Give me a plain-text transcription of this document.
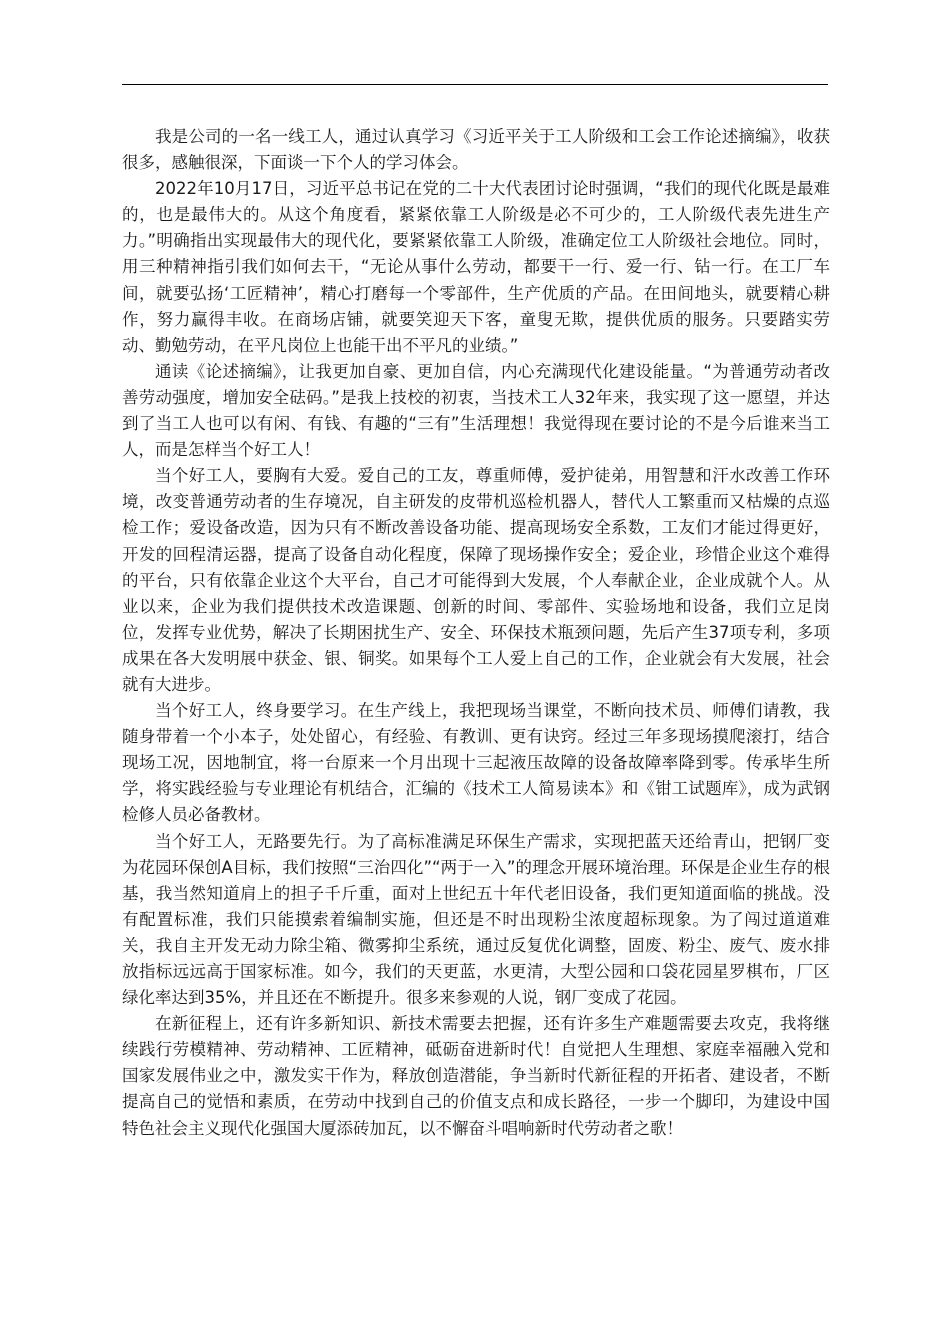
我是公司的一名一线工人，通过认真学习《习近平关于工人阶级和工会工作论述摘编》，收获很多，感触很深，下面谈一下个人的学习体会。

2022年10月17日，习近平总书记在党的二十大代表团讨论时强调，“我们的现代化既是最难的，也是最伟大的。从这个角度看，紧紧依靠工人阶级是必不可少的，工人阶级代表先进生产力。”明确指出实现最伟大的现代化，要紧紧依靠工人阶级，准确定位工人阶级社会地位。同时，用三种精神指引我们如何去干，“无论从事什么劳动，都要干一行、爱一行、钻一行。在工厂车间，就要弘扬‘工匠精神’，精心打磨每一个零部件，生产优质的产品。在田间地头，就要精心耕作，努力赢得丰收。在商场店铺，就要笑迎天下客，童叟无欺，提供优质的服务。只要踏实劳动、勤勉劳动，在平凡岗位上也能干出不平凡的业绩。”

通读《论述摘编》，让我更加自豪、更加自信，内心充满现代化建设能量。“为普通劳动者改善劳动强度，增加安全砝码。”是我上技校的初衷，当技术工人32年来，我实现了这一愿望，并达到了当工人也可以有闲、有钱、有趣的“三有”生活理想！我觉得现在要讨论的不是今后谁来当工人，而是怎样当个好工人！

当个好工人，要胸有大爱。爱自己的工友，尊重师傅，爱护徒弟，用智慧和汗水改善工作环境，改变普通劳动者的生存境况，自主研发的皮带机巡检机器人，替代人工繁重而又枯燥的点巡检工作；爱设备改造，因为只有不断改善设备功能、提高现场安全系数，工友们才能过得更好，开发的回程清运器，提高了设备自动化程度，保障了现场操作安全；爱企业，珍惜企业这个难得的平台，只有依靠企业这个大平台，自己才可能得到大发展，个人奉献企业，企业成就个人。从业以来，企业为我们提供技术改造课题、创新的时间、零部件、实验场地和设备，我们立足岗位，发挥专业优势，解决了长期困扰生产、安全、环保技术瓶颈问题，先后产生37项专利，多项成果在各大发明展中获金、银、铜奖。如果每个工人爱上自己的工作，企业就会有大发展，社会就有大进步。

当个好工人，终身要学习。在生产线上，我把现场当课堂，不断向技术员、师傅们请教，我随身带着一个小本子，处处留心，有经验、有教训、更有诀窍。经过三年多现场摸爬滚打，结合现场工况，因地制宜，将一台原来一个月出现十三起液压故障的设备故障率降到零。传承毕生所学，将实践经验与专业理论有机结合，汇编的《技术工人简易读本》和《钳工试题库》，成为武钢检修人员必备教材。

当个好工人，无路要先行。为了高标准满足环保生产需求，实现把蓝天还给青山，把钢厂变为花园环保创A目标，我们按照“三治四化”“两于一入”的理念开展环境治理。环保是企业生存的根基，我当然知道肩上的担子千斤重，面对上世纪五十年代老旧设备，我们更知道面临的挑战。没有配置标准，我们只能摸索着编制实施，但还是不时出现粉尘浓度超标现象。为了闯过道道难关，我自主开发无动力除尘箱、微雾抑尘系统，通过反复优化调整，固废、粉尘、废气、废水排放指标远远高于国家标准。如今，我们的天更蓝，水更清，大型公园和口袋花园星罗棋布，厂区绿化率达到35%，并且还在不断提升。很多来参观的人说，钢厂变成了花园。

在新征程上，还有许多新知识、新技术需要去把握，还有许多生产难题需要去攻克，我将继续践行劳模精神、劳动精神、工匠精神，砥砺奋进新时代！自觉把人生理想、家庭幸福融入党和国家发展伟业之中，激发实干作为，释放创造潜能，争当新时代新征程的开拓者、建设者，不断提高自己的觉悟和素质，在劳动中找到自己的价值支点和成长路径，一步一个脚印，为建设中国特色社会主义现代化强国大厦添砖加瓦，以不懈奋斗唱响新时代劳动者之歌！
